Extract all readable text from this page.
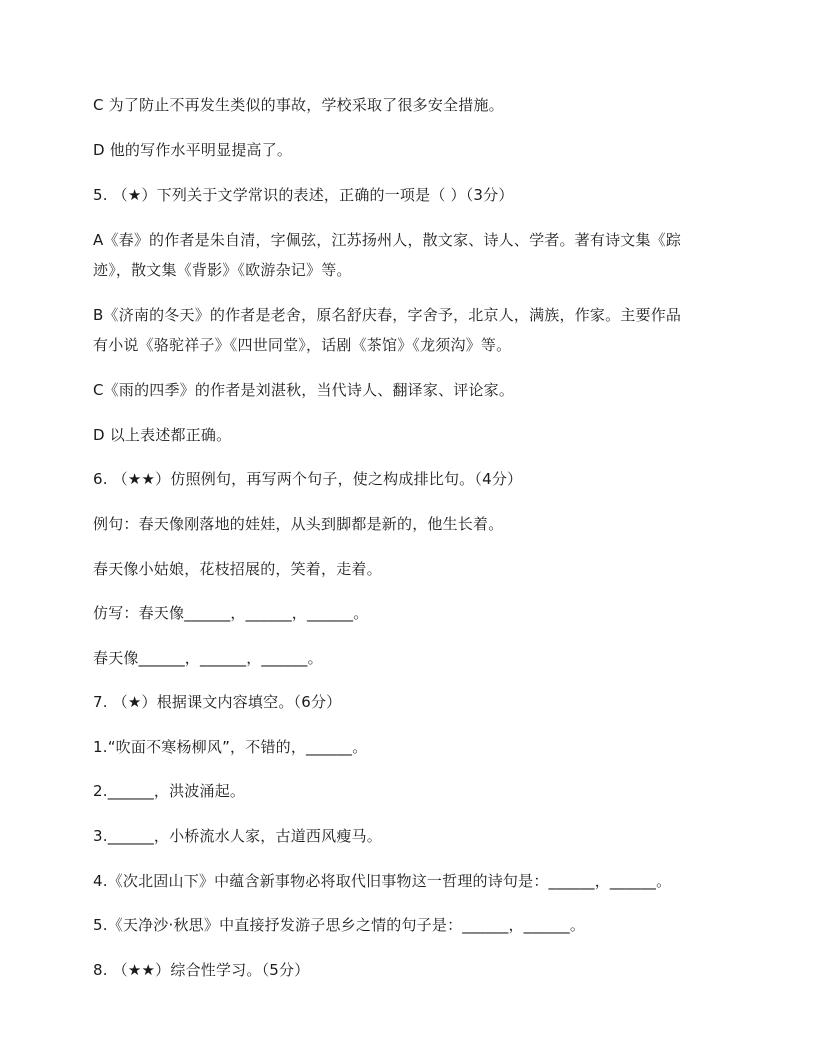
C 为了防止不再发生类似的事故，学校采取了很多安全措施。
D 他的写作水平明显提高了。
5. （★）下列关于文学常识的表述，正确的一项是（ ）（3分）
A《春》的作者是朱自清，字佩弦，江苏扬州人，散文家、诗人、学者。著有诗文集《踪
迹》，散文集《背影》《欧游杂记》等。
B《济南的冬天》的作者是老舍，原名舒庆春，字舍予，北京人，满族，作家。主要作品
有小说《骆驼祥子》《四世同堂》，话剧《茶馆》《龙须沟》等。
C《雨的四季》的作者是刘湛秋，当代诗人、翻译家、评论家。
D 以上表述都正确。
6. （★★）仿照例句，再写两个句子，使之构成排比句。（4分）
例句：春天像刚落地的娃娃，从头到脚都是新的，他生长着。
春天像小姑娘，花枝招展的，笑着，走着。
仿写：春天像______，______，______。
春天像______，______，______。
7. （★）根据课文内容填空。（6分）
1.“吹面不寒杨柳风”，不错的，______。
2.______，洪波涌起。
3.______，小桥流水人家，古道西风瘦马。
4.《次北固山下》中蕴含新事物必将取代旧事物这一哲理的诗句是：______，______。
5.《天净沙·秋思》中直接抒发游子思乡之情的句子是：______，______。
8. （★★）综合性学习。（5分）
